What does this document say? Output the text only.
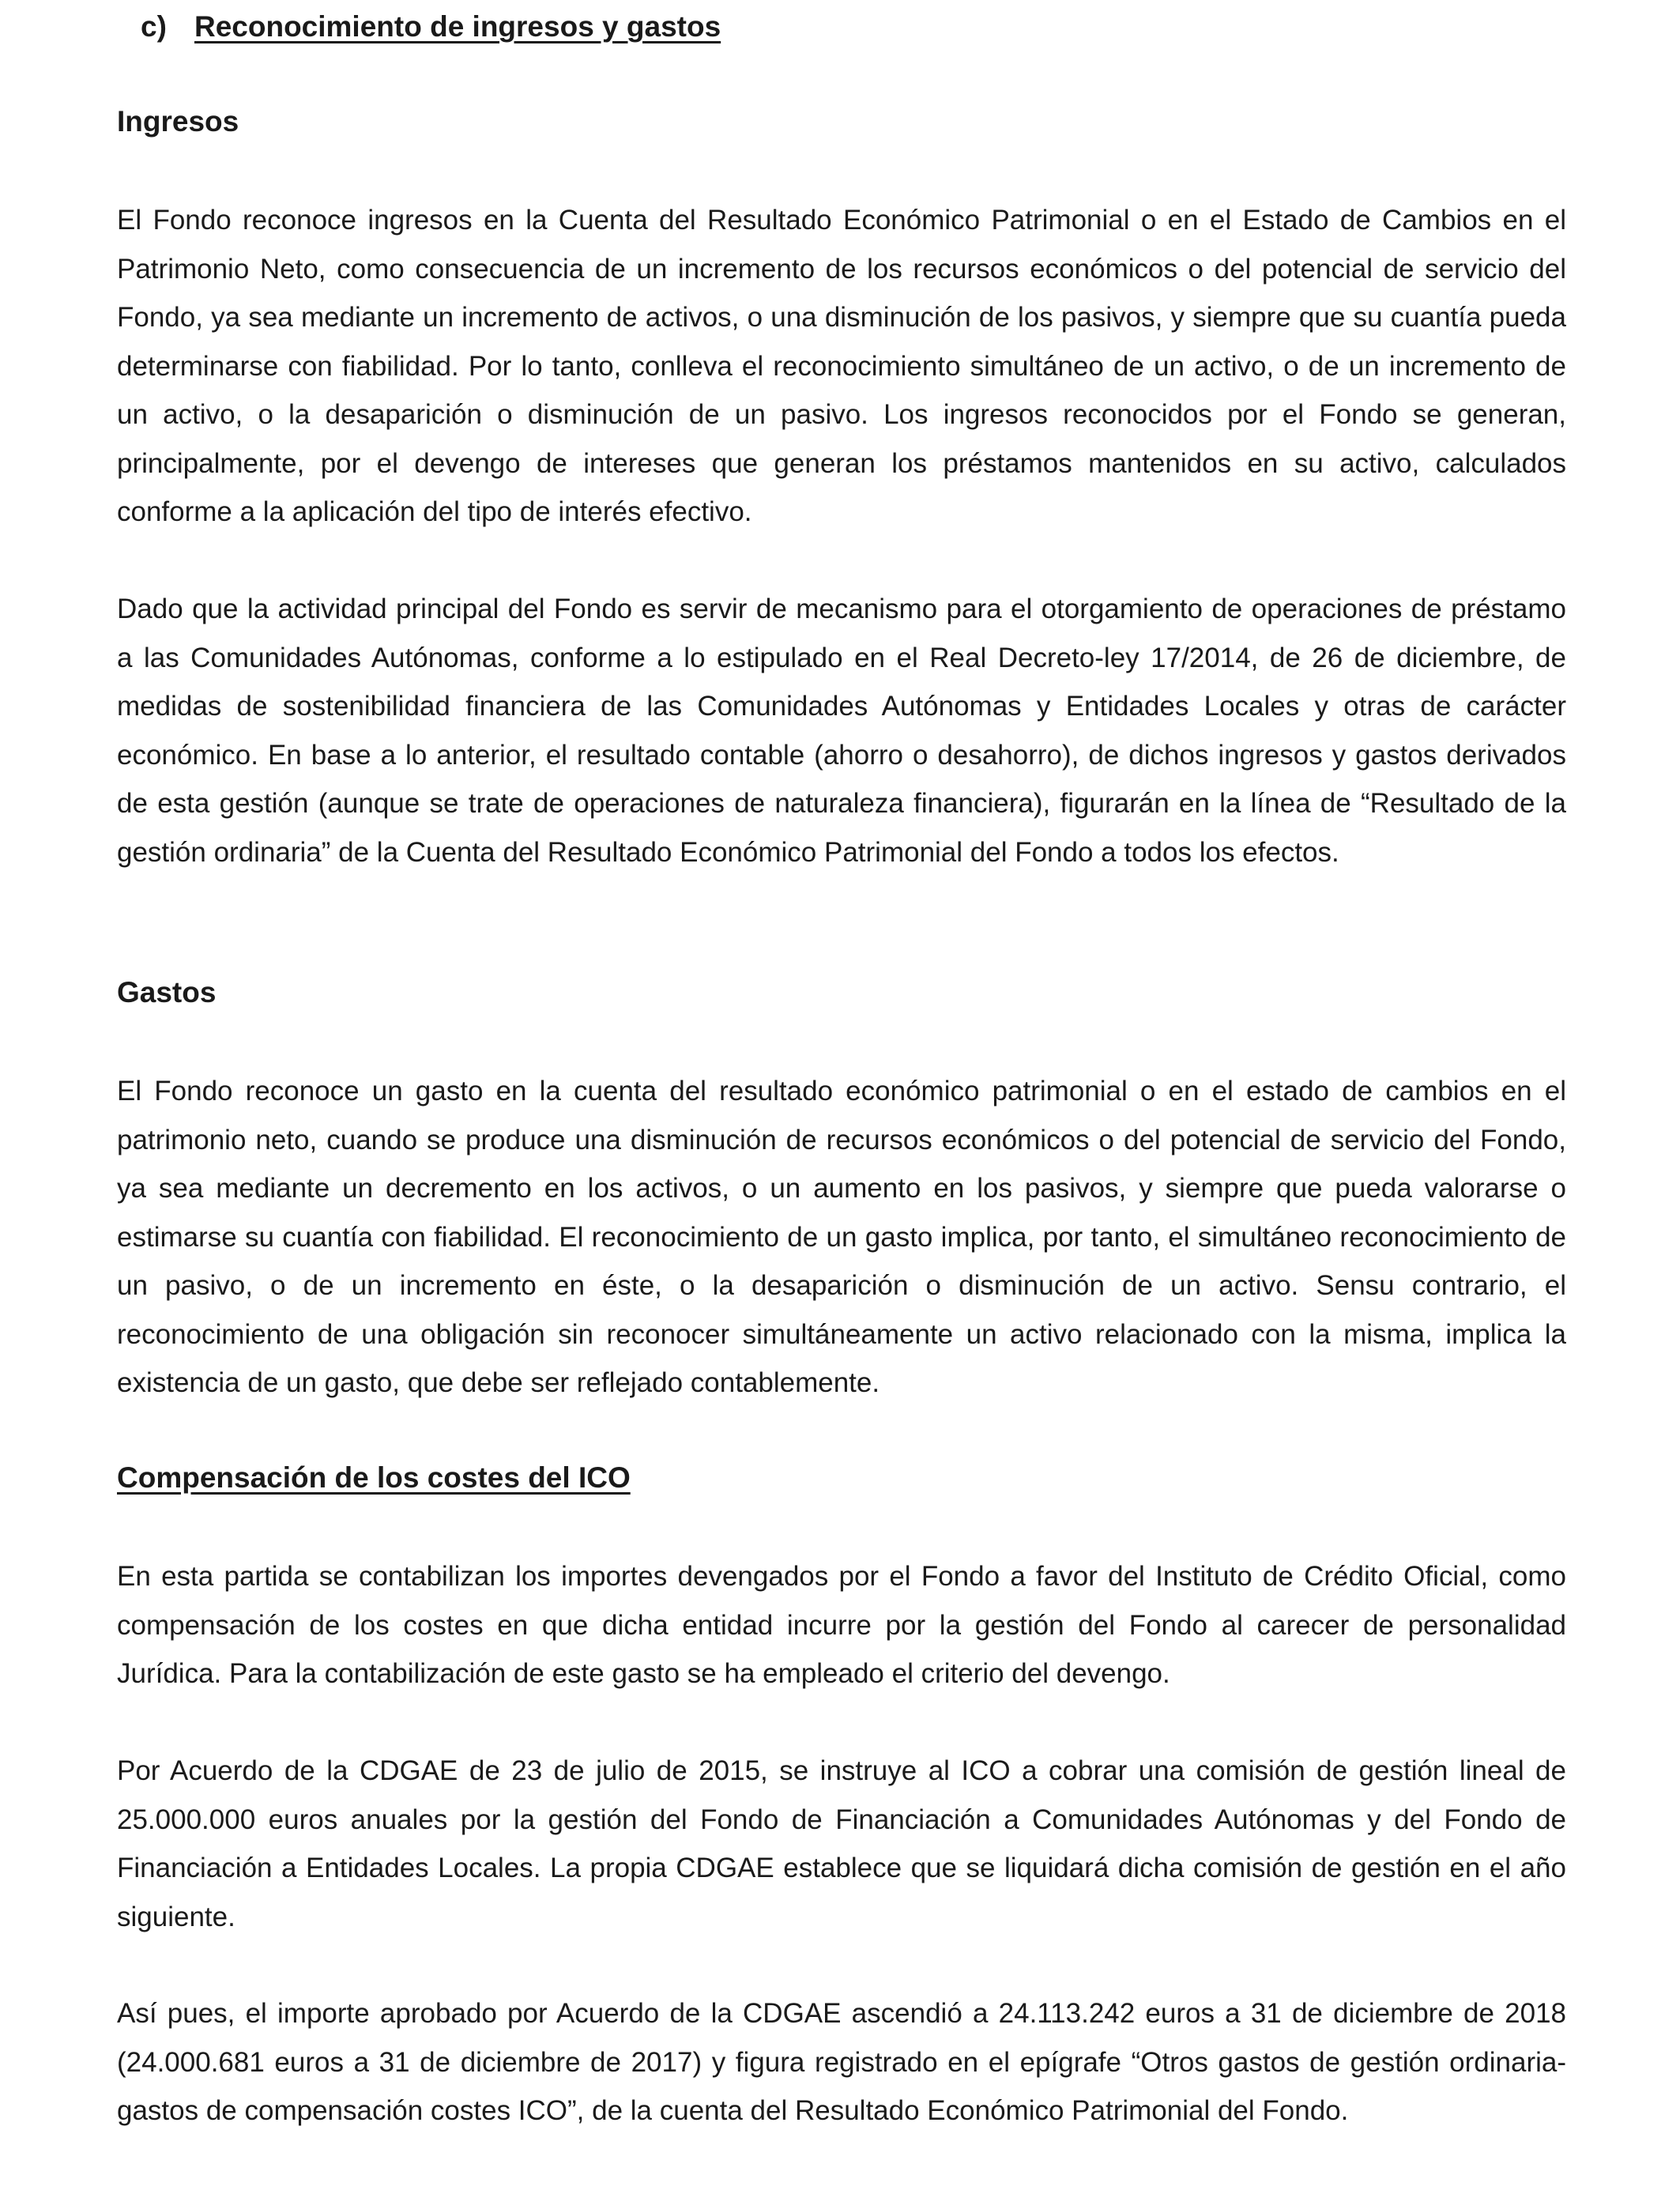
c) Reconocimiento de ingresos y gastos
Ingresos

El Fondo reconoce ingresos en la Cuenta del Resultado Económico Patrimonial o en el Estado de Cambios en el Patrimonio Neto, como consecuencia de un incremento de los recursos económicos o del potencial de servicio del Fondo, ya sea mediante un incremento de activos, o una disminución de los pasivos, y siempre que su cuantía pueda determinarse con fiabilidad. Por lo tanto, conlleva el reconocimiento simultáneo de un activo, o de un incremento de un activo, o la desaparición o disminución de un pasivo. Los ingresos reconocidos por el Fondo se generan, principalmente, por el devengo de intereses que generan los préstamos mantenidos en su activo, calculados conforme a la aplicación del tipo de interés efectivo.

Dado que la actividad principal del Fondo es servir de mecanismo para el otorgamiento de operaciones de préstamo a las Comunidades Autónomas, conforme a lo estipulado en el Real Decreto-ley 17/2014, de 26 de diciembre, de medidas de sostenibilidad financiera de las Comunidades Autónomas y Entidades Locales y otras de carácter económico. En base a lo anterior, el resultado contable (ahorro o desahorro), de dichos ingresos y gastos derivados de esta gestión (aunque se trate de operaciones de naturaleza financiera), figurarán en la línea de “Resultado de la gestión ordinaria” de la Cuenta del Resultado Económico Patrimonial del Fondo a todos los efectos.

Gastos

El Fondo reconoce un gasto en la cuenta del resultado económico patrimonial o en el estado de cambios en el patrimonio neto, cuando se produce una disminución de recursos económicos o del potencial de servicio del Fondo, ya sea mediante un decremento en los activos, o un aumento en los pasivos, y siempre que pueda valorarse o estimarse su cuantía con fiabilidad. El reconocimiento de un gasto implica, por tanto, el simultáneo reconocimiento de un pasivo, o de un incremento en éste, o la desaparición o disminución de un activo. Sensu contrario, el reconocimiento de una obligación sin reconocer simultáneamente un activo relacionado con la misma, implica la existencia de un gasto, que debe ser reflejado contablemente.

Compensación de los costes del ICO

En esta partida se contabilizan los importes devengados por el Fondo a favor del Instituto de Crédito Oficial, como compensación de los costes en que dicha entidad incurre por la gestión del Fondo al carecer de personalidad Jurídica. Para la contabilización de este gasto se ha empleado el criterio del devengo.

Por Acuerdo de la CDGAE de 23 de julio de 2015, se instruye al ICO a cobrar una comisión de gestión lineal de 25.000.000 euros anuales por la gestión del Fondo de Financiación a Comunidades Autónomas y del Fondo de Financiación a Entidades Locales. La propia CDGAE establece que se liquidará dicha comisión de gestión en el año siguiente.

Así pues, el importe aprobado por Acuerdo de la CDGAE ascendió a 24.113.242 euros a 31 de diciembre de 2018 (24.000.681 euros a 31 de diciembre de 2017) y figura registrado en el epígrafe “Otros gastos de gestión ordinaria-gastos de compensación costes ICO”, de la cuenta del Resultado Económico Patrimonial del Fondo.
